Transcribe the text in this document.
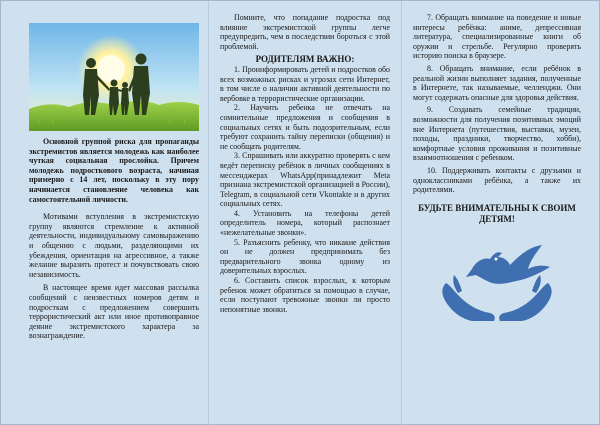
Основной группой риска для пропаганды экстремистов является молодежь как наиболее чуткая социальная прослойка. Причем молодежь подросткового возраста, начиная примерно с 14 лет, поскольку в эту пору начинается становление человека как самостоятельной личности.

Мотивами вступления в экстремистскую группу являются стремление к активной деятельности, индивидуальному самовыражению и общению с людьми, разделяющими их убеждения, ориентация на агрессивное, а также желание выразить протест и почувствовать свою независимость.

В настоящее время идет массовая рассылка сообщений с неизвестных номеров детям и подросткам с предложением совершить террористический акт или иное противоправное деяние экстремистского характера за вознаграждение.

Помните, что попадание подростка под влияние экстремистской группы легче предупредить, чем в последствии бороться с этой проблемой.

РОДИТЕЛЯМ ВАЖНО:

1. Проинформировать детей и подростков обо всех возможных рисках и угрозах сети Интернет, в том числе о наличии активной деятельности по вербовке в террористические организации.

2. Научить ребенка не отвечать на сомнительные предложения и сообщения в социальных сетях и быть подозрительным, если требуют сохранить тайну переписки (общения) и не сообщать родителям.

3. Спрашивать или аккуратно проверять с кем ведёт переписку ребёнок в личных сообщениях в мессенджерах WhatsApp(принадлежит Meta признана экстремистской организацией в России), Telegram, в социальной сети Vkontakte и в других социальных сетях.

4. Установить на телефоны детей определитель номера, который распознает «нежелательные звонки».

5. Разъяснить ребенку, что никакие действия он не должен предпринимать без предварительного звонка одному из доверительных взрослых.

6. Составить список взрослых, к которым ребенок может обратиться за помощью в случае, если поступают тревожные звонки ли просто непонятные звонки.

7. Обращать внимание на поведение и новые интересы ребёнка: аниме, депрессивная литература, специализированные книги об оружии и стрельбе. Регулярно проверять историю поиска в браузере.

8. Обращать внимание, если ребёнок в реальной жизни выполняет задания, полученные в Интернете, так называемые, челленджи. Они могут содержать опасные для здоровья действия.

9. Создавать семейные традиции, возможности для получения позитивных эмоций вне Интернета (путешествия, выставки, музеи, походы, праздники, творчество, хобби), комфортные условия проживания и позитивные взаимоотношения с ребенком.

10. Поддерживать контакты с друзьями и одноклассниками ребёнка, а также их родителями.

БУДЬТЕ ВНИМАТЕЛЬНЫ К СВОИМ ДЕТЯМ!
